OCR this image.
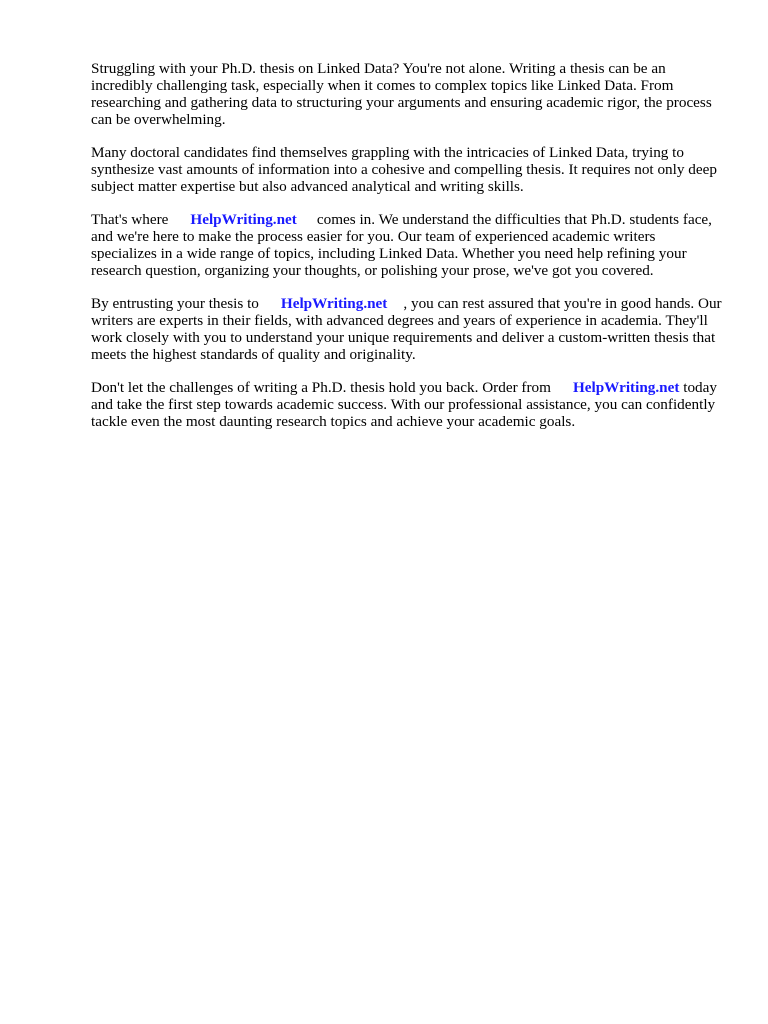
Struggling with your Ph.D. thesis on Linked Data? You're not alone. Writing a thesis can be an incredibly challenging task, especially when it comes to complex topics like Linked Data. From researching and gathering data to structuring your arguments and ensuring academic rigor, the process can be overwhelming.

Many doctoral candidates find themselves grappling with the intricacies of Linked Data, trying to synthesize vast amounts of information into a cohesive and compelling thesis. It requires not only deep subject matter expertise but also advanced analytical and writing skills.

That's where HelpWriting.net comes in. We understand the difficulties that Ph.D. students face, and we're here to make the process easier for you. Our team of experienced academic writers specializes in a wide range of topics, including Linked Data. Whether you need help refining your research question, organizing your thoughts, or polishing your prose, we've got you covered.

By entrusting your thesis to HelpWriting.net , you can rest assured that you're in good hands. Our writers are experts in their fields, with advanced degrees and years of experience in academia. They'll work closely with you to understand your unique requirements and deliver a custom-written thesis that meets the highest standards of quality and originality.

Don't let the challenges of writing a Ph.D. thesis hold you back. Order from HelpWriting.net today and take the first step towards academic success. With our professional assistance, you can confidently tackle even the most daunting research topics and achieve your academic goals.
